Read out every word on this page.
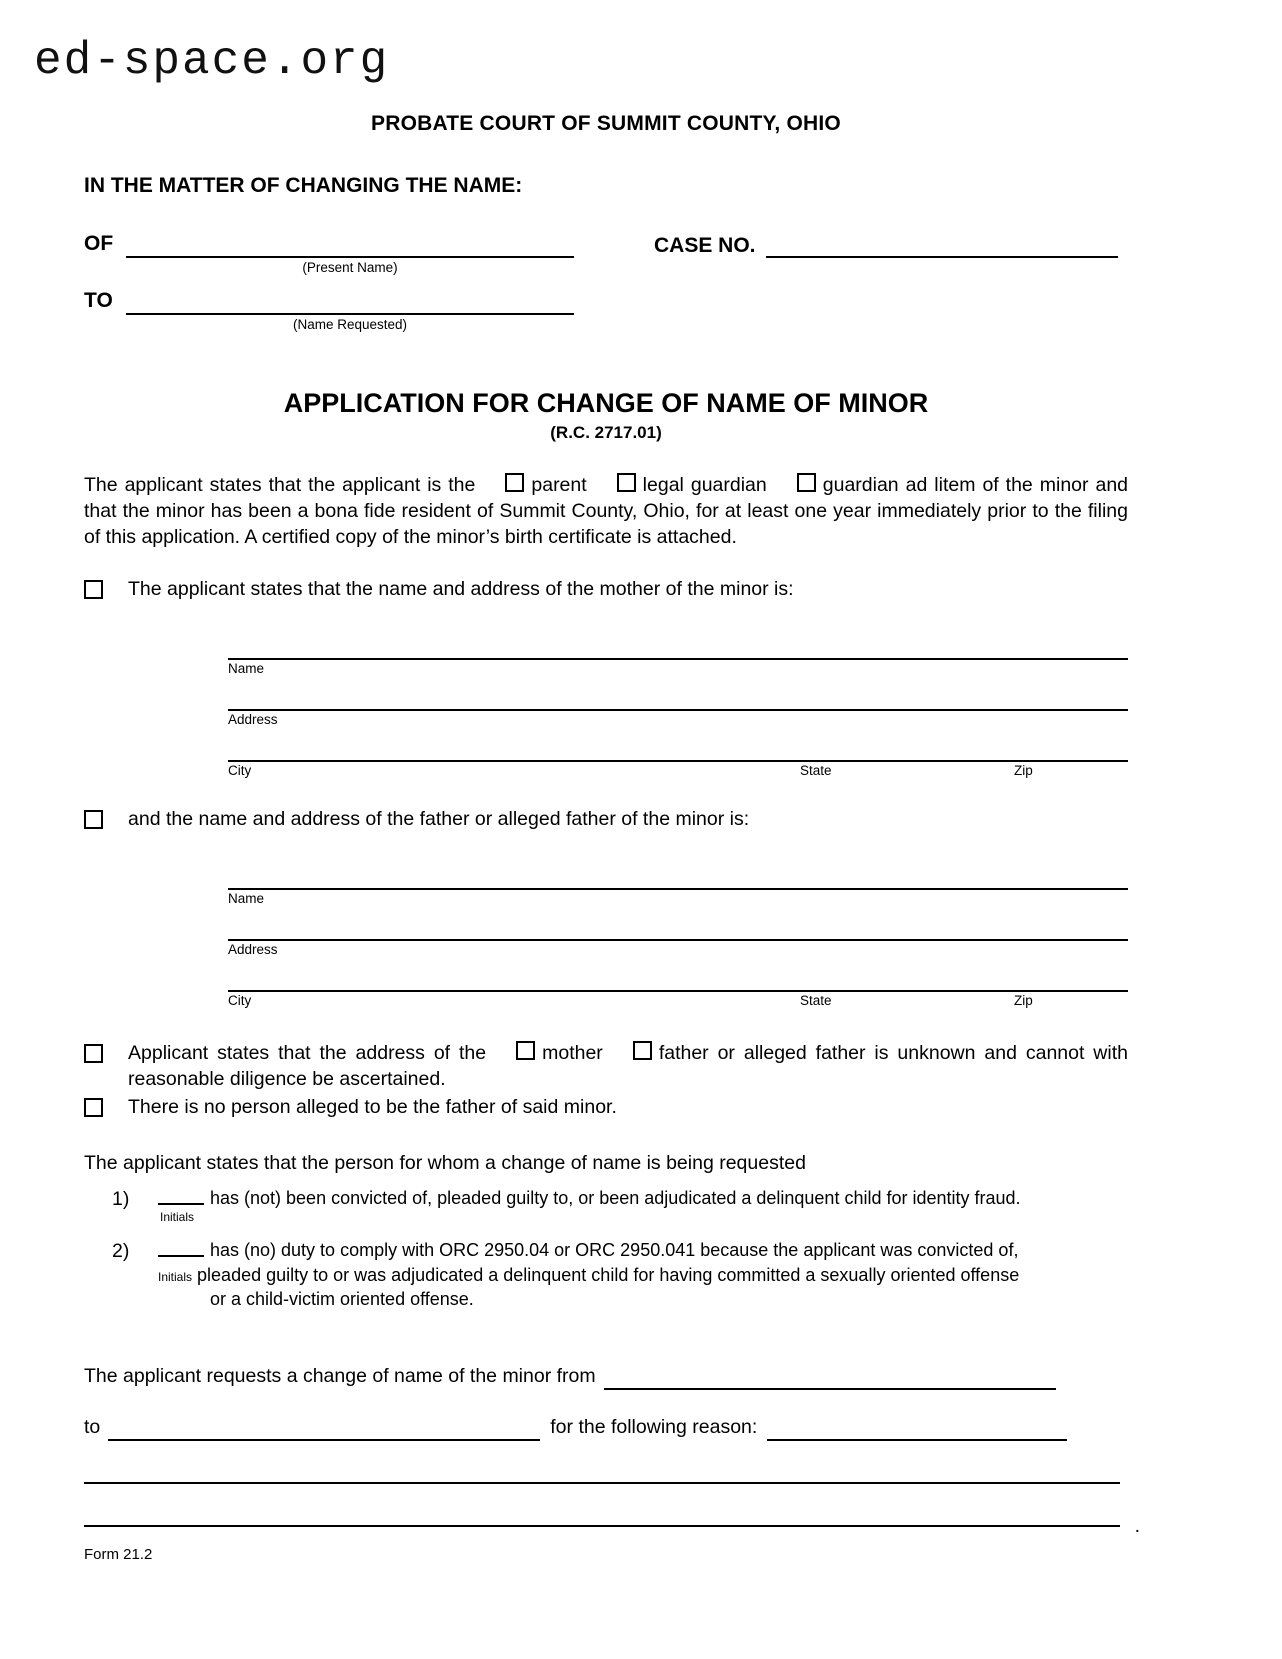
ed-space.org
PROBATE COURT OF SUMMIT COUNTY, OHIO
IN THE MATTER OF CHANGING THE NAME:
OF	CASE NO.
(Present Name)
TO
(Name Requested)
APPLICATION FOR CHANGE OF NAME OF MINOR
(R.C. 2717.01)
The applicant states that the applicant is the	parent	legal guardian	guardian ad litem of the minor and that the minor has been a bona fide resident of Summit County, Ohio, for at least one year immediately prior to the filing of this application. A certified copy of the minor’s birth certificate is attached.
The applicant states that the name and address of the mother of the minor is:
Name
Address
City	State	Zip
and the name and address of the father or alleged father of the minor is:
Name
Address
City	State	Zip
Applicant states that the address of the	mother	father or alleged father is unknown and cannot with reasonable diligence be ascertained.
There is no person alleged to be the father of said minor.
The applicant states that the person for whom a change of name is being requested
1)	has (not) been convicted of, pleaded guilty to, or been adjudicated a delinquent child for identity fraud.
Initials
2)	has (no) duty to comply with ORC 2950.04 or ORC 2950.041 because the applicant was convicted of,
Initials pleaded guilty to or was adjudicated a delinquent child for having committed a sexually oriented offense
or a child-victim oriented offense.
The applicant requests a change of name of the minor from
to	for the following reason:
.
Form 21.2
